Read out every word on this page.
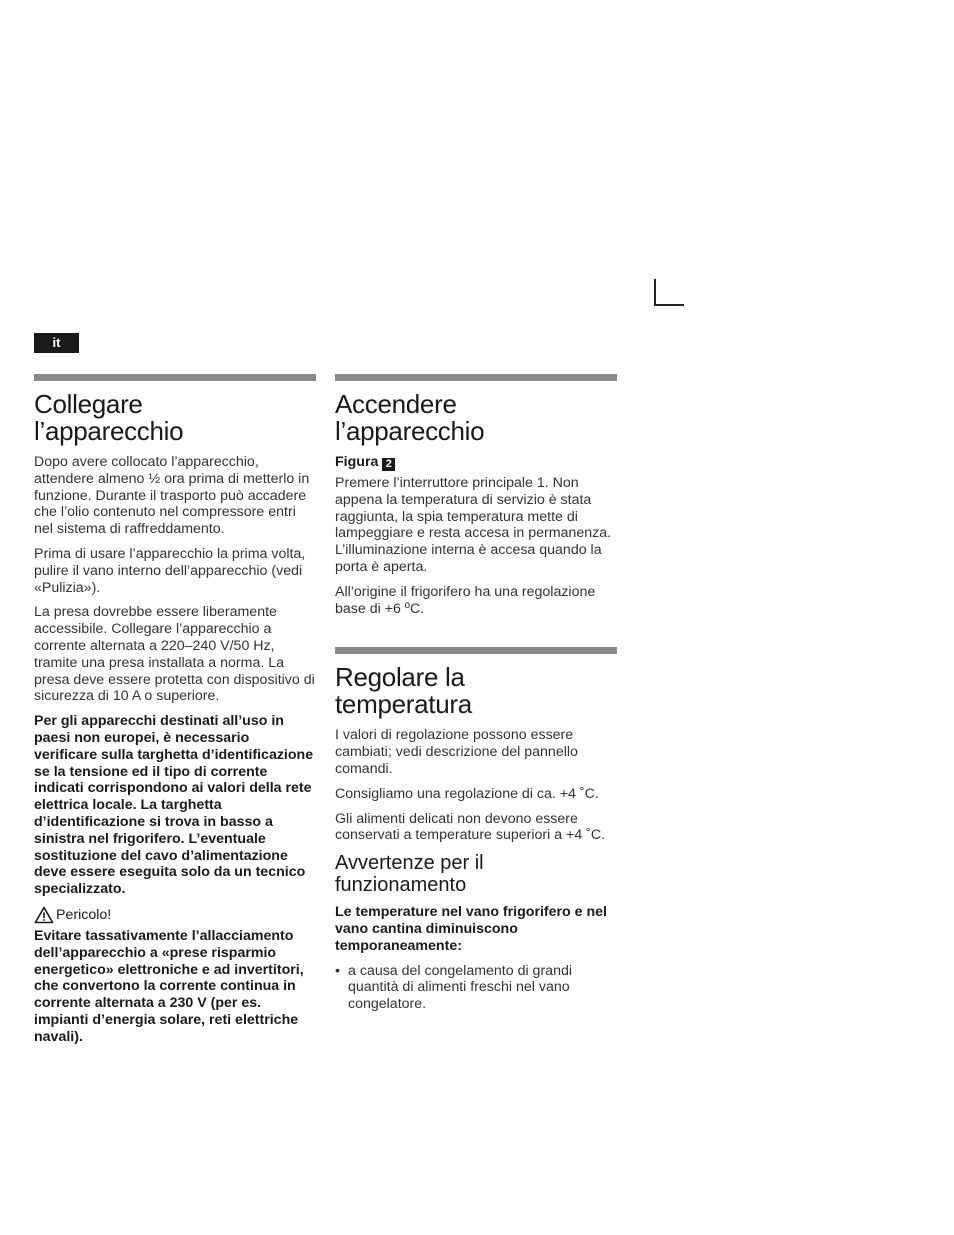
it
Collegare
l’apparecchio

Dopo avere collocato l’apparecchio, attendere almeno ½ ora prima di metterlo in funzione. Durante il trasporto può accadere che l’olio contenuto nel compressore entri nel sistema di raffreddamento.

Prima di usare l’apparecchio la prima volta, pulire il vano interno dell’apparecchio (vedi «Pulizia»).

La presa dovrebbe essere liberamente accessibile. Collegare l’apparecchio a corrente alternata a 220–240 V/50 Hz, tramite una presa installata a norma. La presa deve essere protetta con dispositivo di sicurezza di 10 A o superiore.

Per gli apparecchi destinati all’uso in paesi non europei, è necessario verificare sulla targhetta d’identificazione se la tensione ed il tipo di corrente indicati corrispondono ai valori della rete elettrica locale. La targhetta d’identificazione si trova in basso a sinistra nel frigorifero. L’eventuale sostituzione del cavo d’alimentazione deve essere eseguita solo da un tecnico specializzato.

Pericolo!

Evitare tassativamente l’allacciamento dell’apparecchio a «prese risparmio energetico» elettroniche e ad invertitori, che convertono la corrente continua in corrente alternata a 230 V (per es. impianti d’energia solare, reti elettriche navali).

Accendere
l’apparecchio
Figura 2

Premere l’interruttore principale 1. Non appena la temperatura di servizio è stata raggiunta, la spia temperatura mette di lampeggiare e resta accesa in permanenza. L’illuminazione interna è accesa quando la porta è aperta.

All’origine il frigorifero ha una regolazione base di +6 ºC.

Regolare la
temperatura

I valori di regolazione possono essere cambiati; vedi descrizione del pannello comandi.

Consigliamo una regolazione di ca. +4 ˚C.

Gli alimenti delicati non devono essere conservati a temperature superiori a +4 ˚C.

Avvertenze per il
funzionamento

Le temperature nel vano frigorifero e nel vano cantina diminuiscono temporaneamente:

• a causa del congelamento di grandi quantità di alimenti freschi nel vano congelatore.
